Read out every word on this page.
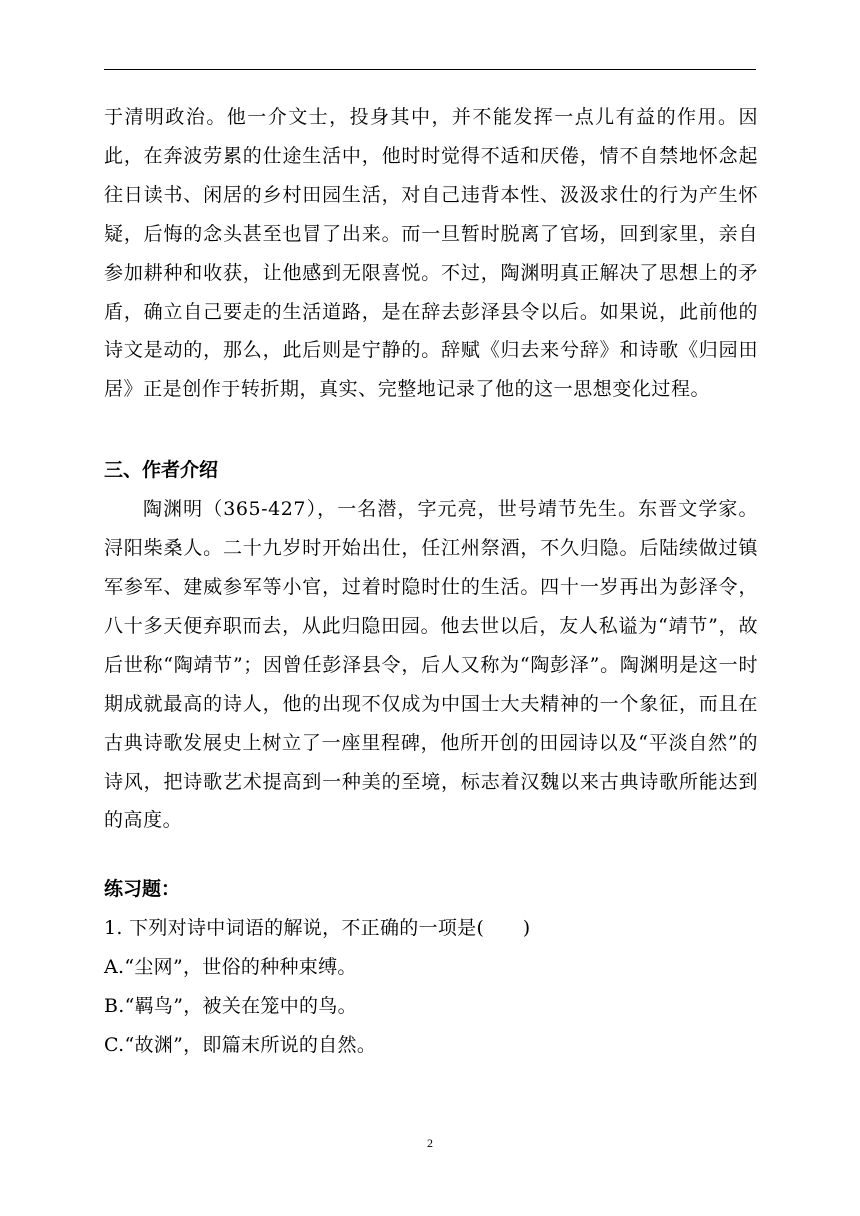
于清明政治。他一介文士，投身其中，并不能发挥一点儿有益的作用。因此，在奔波劳累的仕途生活中，他时时觉得不适和厌倦，情不自禁地怀念起往日读书、闲居的乡村田园生活，对自己违背本性、汲汲求仕的行为产生怀疑，后悔的念头甚至也冒了出来。而一旦暂时脱离了官场，回到家里，亲自参加耕种和收获，让他感到无限喜悦。不过，陶渊明真正解决了思想上的矛盾，确立自己要走的生活道路，是在辞去彭泽县令以后。如果说，此前他的诗文是动的，那么，此后则是宁静的。辞赋《归去来兮辞》和诗歌《归园田居》正是创作于转折期，真实、完整地记录了他的这一思想变化过程。

三、作者介绍

陶渊明（365-427），一名潜，字元亮，世号靖节先生。东晋文学家。浔阳柴桑人。二十九岁时开始出仕，任江州祭酒，不久归隐。后陆续做过镇军参军、建威参军等小官，过着时隐时仕的生活。四十一岁再出为彭泽令，八十多天便弃职而去，从此归隐田园。他去世以后，友人私谥为“靖节”，故后世称“陶靖节”；因曾任彭泽县令，后人又称为“陶彭泽”。陶渊明是这一时期成就最高的诗人，他的出现不仅成为中国士大夫精神的一个象征，而且在古典诗歌发展史上树立了一座里程碑，他所开创的田园诗以及“平淡自然”的诗风，把诗歌艺术提高到一种美的至境，标志着汉魏以来古典诗歌所能达到的高度。

练习题：

1. 下列对诗中词语的解说，不正确的一项是(　　)

A.“尘网”，世俗的种种束缚。

B.“羁鸟”，被关在笼中的鸟。

C.“故渊”，即篇末所说的自然。

2
